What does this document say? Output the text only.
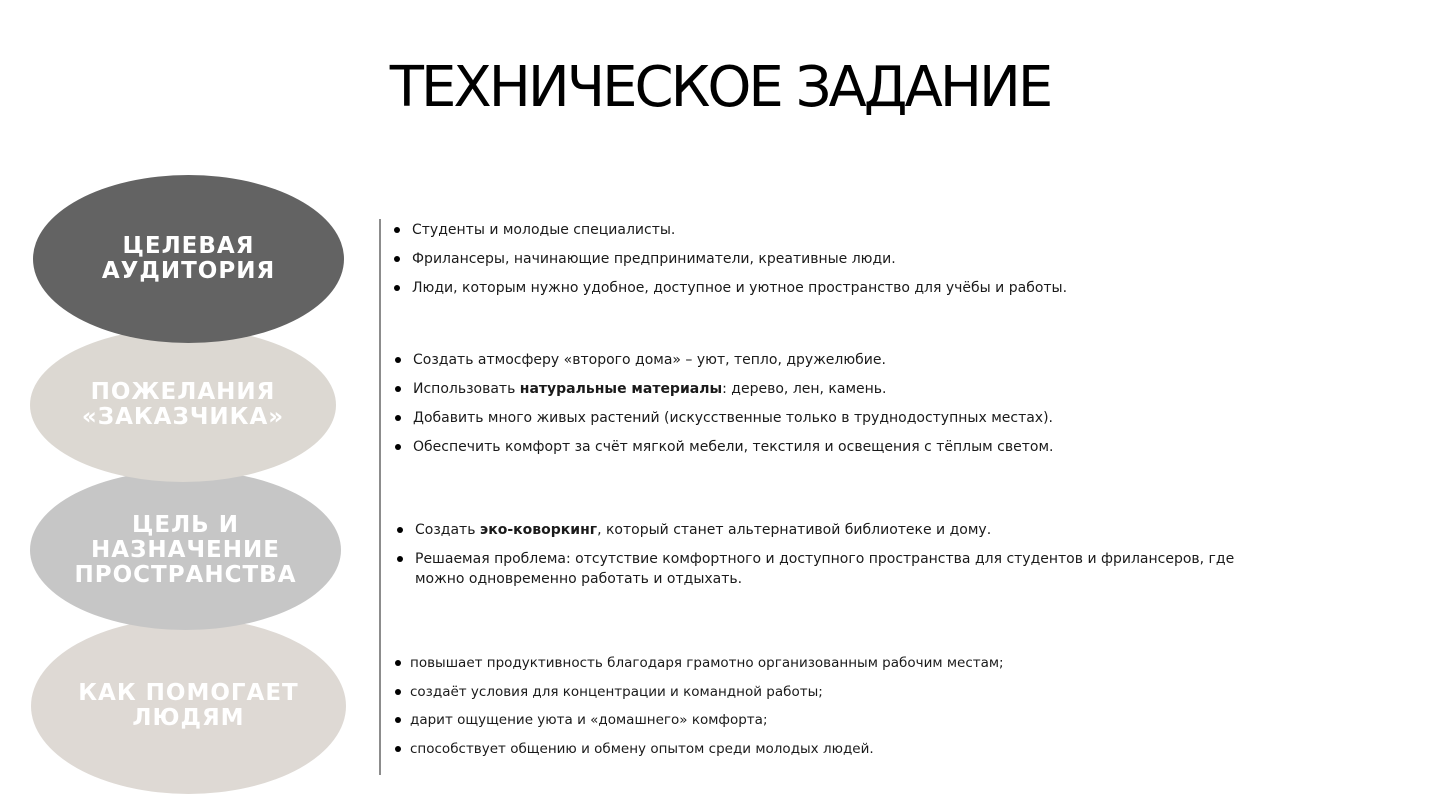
ТЕХНИЧЕСКОЕ ЗАДАНИЕ
ЦЕЛЕВАЯ
АУДИТОРИЯ
ПОЖЕЛАНИЯ
«ЗАКАЗЧИКА»
ЦЕЛЬ И
НАЗНАЧЕНИЕ
ПРОСТРАНСТВА
КАК ПОМОГАЕТ
ЛЮДЯМ
Студенты и молодые специалисты.
Фрилансеры, начинающие предприниматели, креативные люди.
Люди, которым нужно удобное, доступное и уютное пространство для учёбы и работы.
Создать атмосферу «второго дома» – уют, тепло, дружелюбие.
Использовать натуральные материалы: дерево, лен, камень.
Добавить много живых растений (искусственные только в труднодоступных местах).
Обеспечить комфорт за счёт мягкой мебели, текстиля и освещения с тёплым светом.
Создать эко-коворкинг, который станет альтернативой библиотеке и дому.
Решаемая проблема: отсутствие комфортного и доступного пространства для студентов и фрилансеров, где можно одновременно работать и отдыхать.
повышает продуктивность благодаря грамотно организованным рабочим местам;
создаёт условия для концентрации и командной работы;
дарит ощущение уюта и «домашнего» комфорта;
способствует общению и обмену опытом среди молодых людей.
